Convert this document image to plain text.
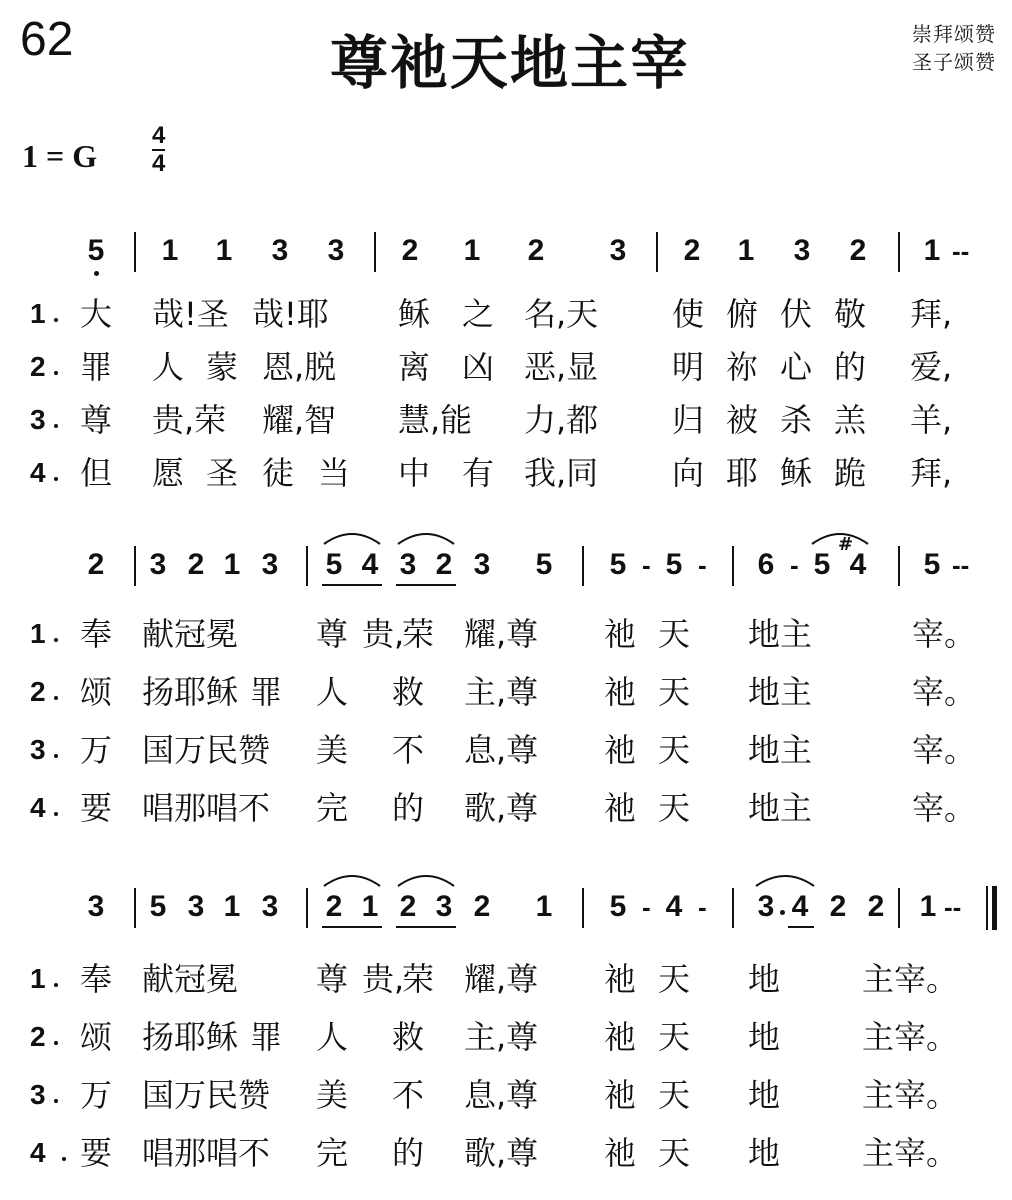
62	尊祂天地主宰	崇拜颂赞
圣子颂赞
1 = G
4
4
5 1 1 3 3 2 1 2 3 2 1 3 2 1 --
1
2
3
4
大 哉!圣 哉!耶 稣 之 名,天 使 俯 伏 敬 拜,
罪 人 蒙 恩,脱 离 凶 恶,显 明 祢 心 的 爱,
尊 贵,荣 耀,智 慧,能 力,都 归 被 杀 羔 羊,
但 愿 圣 徒 当 中 有 我,同 向 耶 稣 跪 拜,
2 3 2 1 3 5 4 3 2 3 5 5 - 5 - 6 - 5
#
4 5 --
1
2
3
4
奉 献冠冕 尊 贵,
荣 耀,尊 祂 天 地主	宰。
颂 扬耶稣 罪 人 救 主,尊 祂 天 地主	宰。
万 国万民赞 美 不 息,尊 祂 天 地主	宰。
要 唱那唱不 完 的 歌,尊 祂 天 地主	宰。
3 5 3 1 3 2 1 2 3 2 1 5 - 4 - 3 4 2 2 1 --
1
2
3
4
奉 献冠冕 尊 贵,
荣 耀,尊 祂 天 地	主宰。
颂 扬耶稣 罪 人 救 主,尊 祂 天 地	主宰。
万 国万民赞 美 不 息,尊 祂 天 地	主宰。
要 唱那唱不 完 的 歌,尊 祂 天 地	主宰。
